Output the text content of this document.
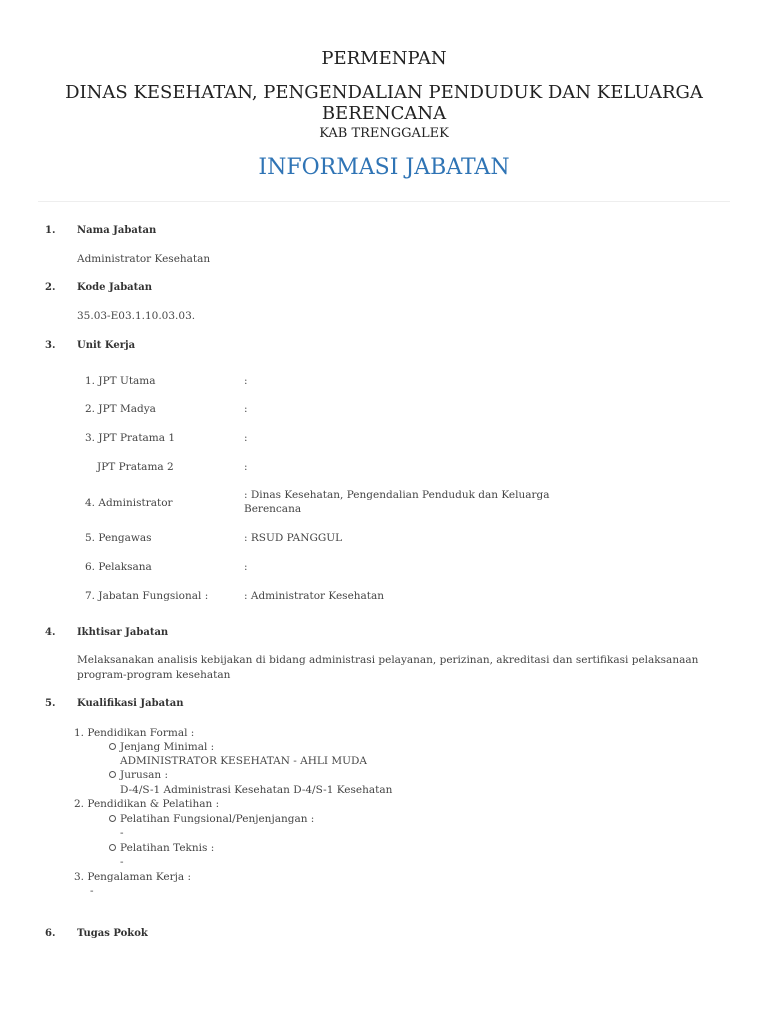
PERMENPAN
DINAS KESEHATAN, PENGENDALIAN PENDUDUK DAN KELUARGA BERENCANA
KAB TRENGGALEK
INFORMASI JABATAN
1. Nama Jabatan
Administrator Kesehatan
2. Kode Jabatan
35.03-E03.1.10.03.03.
3. Unit Kerja
1. JPT Utama	:
2. JPT Madya	:
3. JPT Pratama 1	:
JPT Pratama 2	:
4. Administrator
: Dinas Kesehatan, Pengendalian Penduduk dan Keluarga Berencana
5. Pengawas	: RSUD PANGGUL
6. Pelaksana	:
7. Jabatan Fungsional :	: Administrator Kesehatan
4. Ikhtisar Jabatan
Melaksanakan analisis kebijakan di bidang administrasi pelayanan, perizinan, akreditasi dan sertifikasi pelaksanaan program-program kesehatan
5. Kualifikasi Jabatan
1. Pendidikan Formal :
Jenjang Minimal :
ADMINISTRATOR KESEHATAN - AHLI MUDA
Jurusan :
D-4/S-1 Administrasi Kesehatan D-4/S-1 Kesehatan
2. Pendidikan & Pelatihan :
Pelatihan Fungsional/Penjenjangan :
-
Pelatihan Teknis :
-
3. Pengalaman Kerja :
-
6. Tugas Pokok
